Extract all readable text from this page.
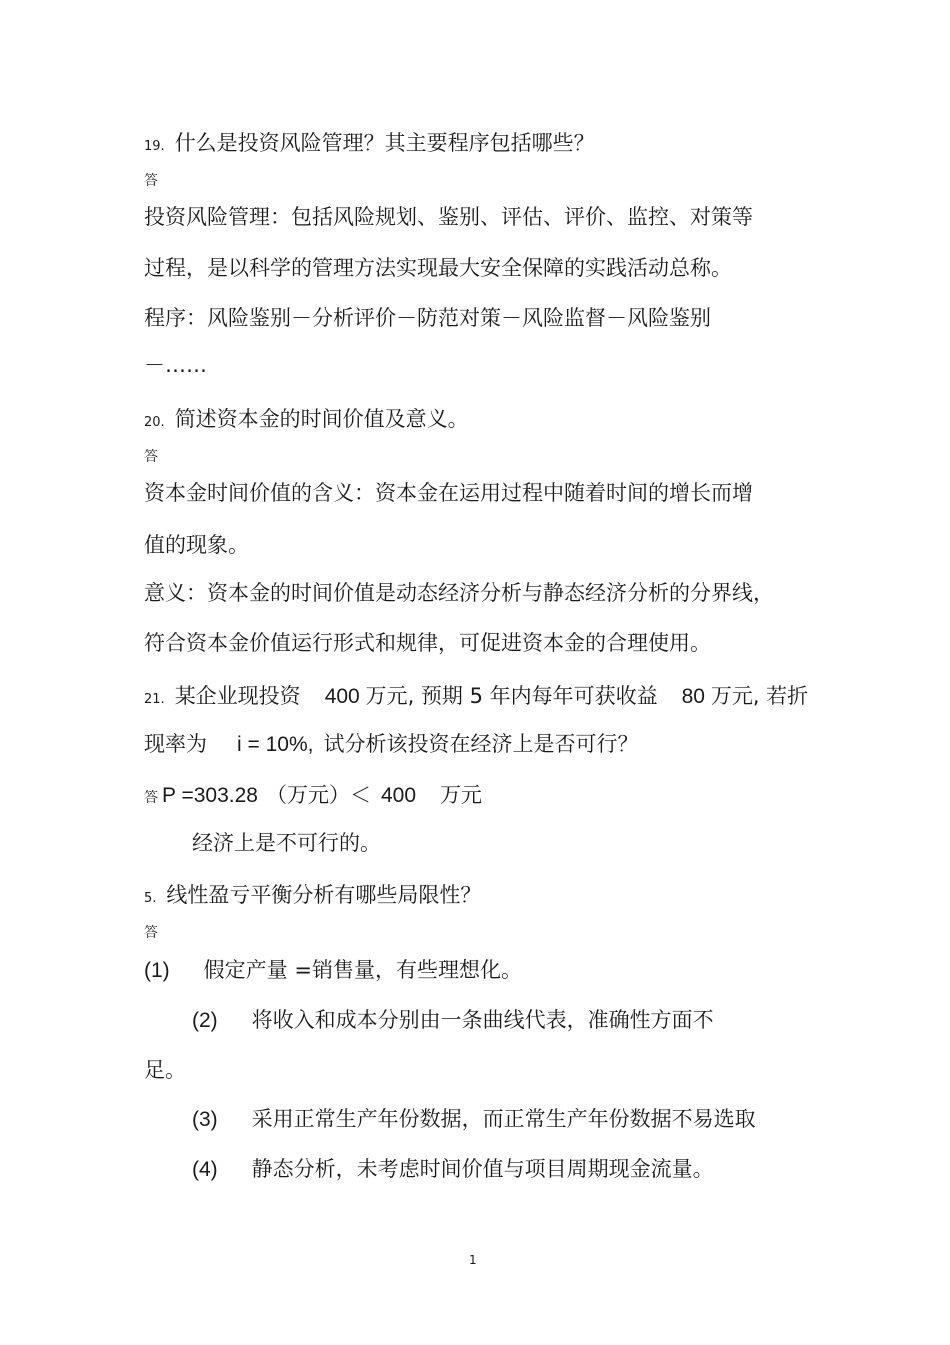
19. 什么是投资风险管理？其主要程序包括哪些？
答
投资风险管理：包括风险规划、鉴别、评估、评价、监控、对策等
过程，是以科学的管理方法实现最大安全保障的实践活动总称。
程序：风险鉴别－分析评价－防范对策－风险监督－风险鉴别
－……
20. 简述资本金的时间价值及意义。
答
资本金时间价值的含义：资本金在运用过程中随着时间的增长而增
值的现象。
意义：资本金的时间价值是动态经济分析与静态经济分析的分界线，
符合资本金价值运行形式和规律，可促进资本金的合理使用。
21. 某企业现投资 400 万元, 预期 5 年内每年可获收益 80 万元, 若折
现率为 i = 10%, 试分析该投资在经济上是否可行？
答 P =303.28 （万元）＜ 400 万元
经济上是不可行的。
5. 线性盈亏平衡分析有哪些局限性？
答
(1) 假定产量 =销售量，有些理想化。
(2) 将收入和成本分别由一条曲线代表，准确性方面不
足。
(3) 采用正常生产年份数据，而正常生产年份数据不易选取
(4) 静态分析，未考虑时间价值与项目周期现金流量。
1
